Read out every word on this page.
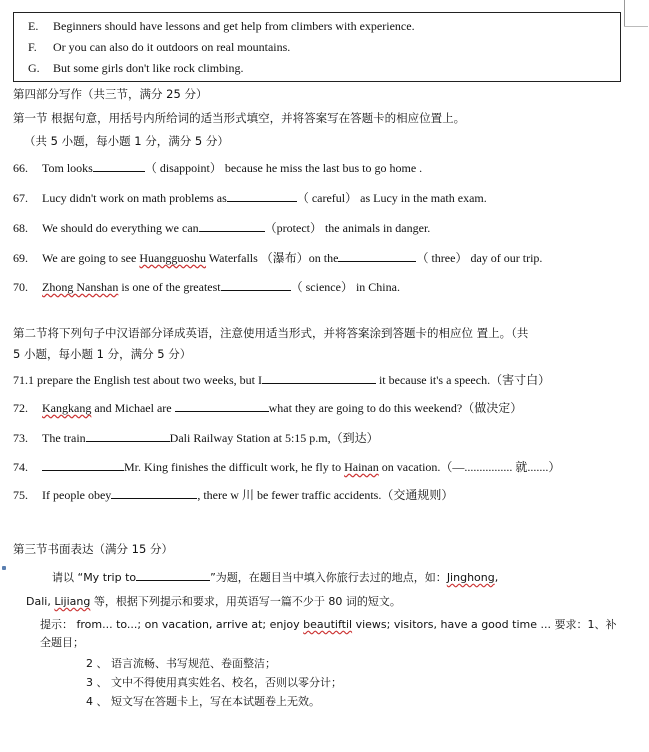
E. Beginners should have lessons and get help from climbers with experience.
F. Or you can also do it outdoors on real mountains.
G. But some girls don't like rock climbing.
第四部分写作（共三节，满分 25 分）
第一节 根据句意，用括号内所给词的适当形式填空，并将答案写在答题卡的相应位置上。
（共 5 小题，每小题 1 分，满分 5 分）
66. Tom looks	（ disappoint） because he miss the last bus to go home .
67. Lucy didn't work on math problems as	（ careful） as Lucy in the math exam.
68. We should do everything we can	（protect） the animals in danger.
69. We are going to see Huangguoshu Waterfalls （瀑布）on the	（ three） day of our trip.
70. Zhong Nanshan is one of the greatest	（ science） in China.
第二节将下列句子中汉语部分译成英语，注意使用适当形式，并将答案涂到答题卡的相应位 置上。（共
5 小题，每小题 1 分，满分 5 分）
71.1 prepare the English test about two weeks, but I	it because it's a speech.（害寸白）
72. Kangkang and Michael are	what they are going to do this weekend?（做决定）
73. The train	Dali Railway Station at 5:15 p.m,（到达）
74.	Mr. King finishes the difficult work, he fly to Hainan on vacation.（—................ 就.......）
75. If people obey	, there w 川 be fewer traffic accidents.（交通规则）
第三节书面表达（满分 15 分）
请以 “My trip to	”为题，在题目当中填入你旅行去过的地点，如：Jinghong,
Dali, Lijiang 等，根据下列提示和要求，用英语写一篇不少于 80 词的短文。
提示： from... to...; on vacation, arrive at; enjoy beautiftil views; visitors, have a good time ... 要求：1、补
全题目；
2 、 语言流畅、书写规范、卷面整洁；
3 、 文中不得使用真实姓名、校名，否则以零分计；
4 、 短文写在答题卡上，写在本试题卷上无效。
